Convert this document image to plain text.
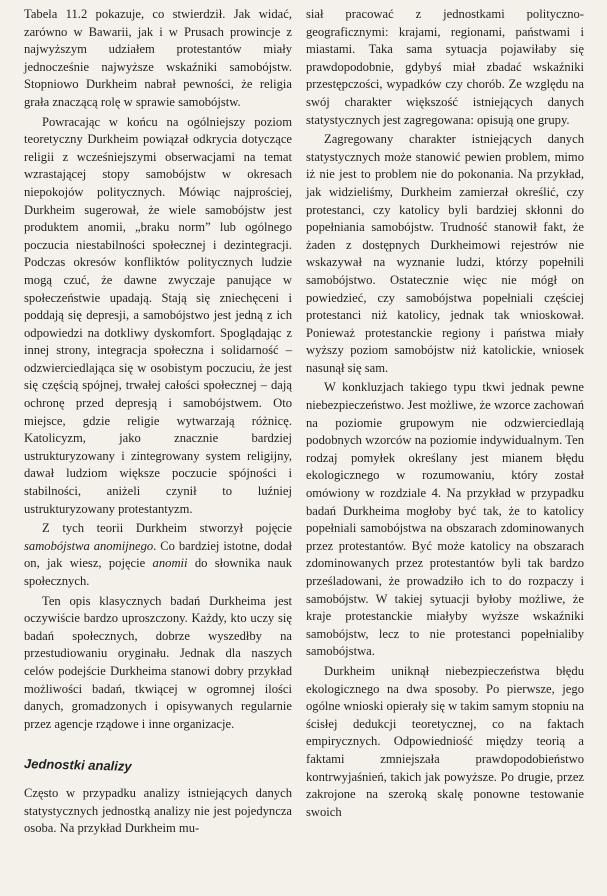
Tabela 11.2 pokazuje, co stwierdził. Jak widać, zarówno w Bawarii, jak i w Prusach prowincje z najwyższym udziałem protestantów miały jednocześnie najwyższe wskaźniki samobójstw. Stopniowo Durkheim nabrał pewności, że religia grała znaczącą rolę w sprawie samobójstw.

Powracając w końcu na ogólniejszy poziom teoretyczny Durkheim powiązał odkrycia dotyczące religii z wcześniejszymi obserwacjami na temat wzrastającej stopy samobójstw w okresach niepokojów politycznych. Mówiąc najprościej, Durkheim sugerował, że wiele samobójstw jest produktem anomii, „braku norm” lub ogólnego poczucia niestabilności społecznej i dezintegracji. Podczas okresów konfliktów politycznych ludzie mogą czuć, że dawne zwyczaje panujące w społeczeństwie upadają. Stają się zniechęceni i poddają się depresji, a samobójstwo jest jedną z ich odpowiedzi na dotkliwy dyskomfort. Spoglądając z innej strony, integracja społeczna i solidarność – odzwierciedlająca się w osobistym poczuciu, że jest się częścią spójnej, trwałej całości społecznej – dają ochronę przed depresją i samobójstwem. Oto miejsce, gdzie religie wytwarzają różnicę. Katolicyzm, jako znacznie bardziej ustrukturyzowany i zintegrowany system religijny, dawał ludziom większe poczucie spójności i stabilności, aniżeli czynił to luźniej ustrukturyzowany protestantyzm.

Z tych teorii Durkheim stworzył pojęcie samobójstwa anomijnego. Co bardziej istotne, dodał on, jak wiesz, pojęcie anomii do słownika nauk społecznych.

Ten opis klasycznych badań Durkheima jest oczywiście bardzo uproszczony. Każdy, kto uczy się badań społecznych, dobrze wyszedłby na przestudiowaniu oryginału. Jednak dla naszych celów podejście Durkheima stanowi dobry przykład możliwości badań, tkwiącej w ogromnej ilości danych, gromadzonych i opisywanych regularnie przez agencje rządowe i inne organizacje.

Jednostki analizy

Często w przypadku analizy istniejących danych statystycznych jednostką analizy nie jest pojedyncza osoba. Na przykład Durkheim mu-

siał pracować z jednostkami polityczno-geograficznymi: krajami, regionami, państwami i miastami. Taka sama sytuacja pojawiłaby się prawdopodobnie, gdybyś miał zbadać wskaźniki przestępczości, wypadków czy chorób. Ze względu na swój charakter większość istniejących danych statystycznych jest zagregowana: opisują one grupy.

Zagregowany charakter istniejących danych statystycznych może stanowić pewien problem, mimo iż nie jest to problem nie do pokonania. Na przykład, jak widzieliśmy, Durkheim zamierzał określić, czy protestanci, czy katolicy byli bardziej skłonni do popełniania samobójstw. Trudność stanowił fakt, że żaden z dostępnych Durkheimowi rejestrów nie wskazywał na wyznanie ludzi, którzy popełnili samobójstwo. Ostatecznie więc nie mógł on powiedzieć, czy samobójstwa popełniali częściej protestanci niż katolicy, jednak tak wnioskował. Ponieważ protestanckie regiony i państwa miały wyższy poziom samobójstw niż katolickie, wniosek nasunął się sam.

W konkluzjach takiego typu tkwi jednak pewne niebezpieczeństwo. Jest możliwe, że wzorce zachowań na poziomie grupowym nie odzwierciedlają podobnych wzorców na poziomie indywidualnym. Ten rodzaj pomyłek określany jest mianem błędu ekologicznego w rozumowaniu, który został omówiony w rozdziale 4. Na przykład w przypadku badań Durkheima mogłoby być tak, że to katolicy popełniali samobójstwa na obszarach zdominowanych przez protestantów. Być może katolicy na obszarach zdominowanych przez protestantów byli tak bardzo prześladowani, że prowadziło ich to do rozpaczy i samobójstw. W takiej sytuacji byłoby możliwe, że kraje protestanckie miałyby wyższe wskaźniki samobójstw, lecz to nie protestanci popełnialiby samobójstwa.

Durkheim uniknął niebezpieczeństwa błędu ekologicznego na dwa sposoby. Po pierwsze, jego ogólne wnioski opierały się w takim samym stopniu na ścisłej dedukcji teoretycznej, co na faktach empirycznych. Odpowiedniość między teorią a faktami zmniejszała prawdopodobieństwo kontrwyjaśnień, takich jak powyższe. Po drugie, przez zakrojone na szeroką skalę ponowne testowanie swoich
